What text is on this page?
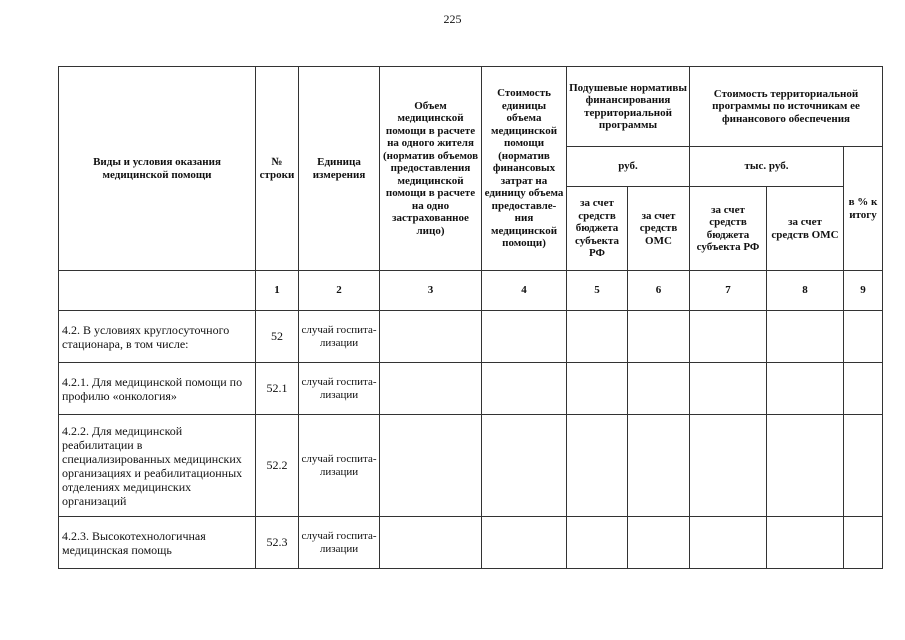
225
Виды и условия оказания медицинской помощи	№ строки	Единица измерения	Объем медицинской помощи в расчете на одного жителя (норматив объемов предоставления медицинской помощи в расчете на одно застрахованное лицо)	Стоимость единицы объема медицинской помощи (норматив финансовых затрат на единицу объема предоставле- ния медицинской помощи)	Подушевые нормативы финансирования территориальной программы		Стоимость территориальной программы по источникам ее финансового обеспечения		
					руб.		тыс. руб.		в % к итогу
					за счет средств бюджета субъекта РФ	за счет средств ОМС	за счет средств бюджета субъекта РФ	за счет средств ОМС	
	1	2	3	4	5	6	7	8	9
4.2. В условиях круглосуточного стационара, в том числе:	52	случай госпита- лизации							
4.2.1. Для медицинской помощи по профилю «онкология»	52.1	случай госпита- лизации							
4.2.2. Для медицинской реабилитации в специализированных медицинских организациях и реабилитационных отделениях медицинских организаций	52.2	случай госпита- лизации							
4.2.3. Высокотехнологичная медицинская помощь	52.3	случай госпита- лизации							
